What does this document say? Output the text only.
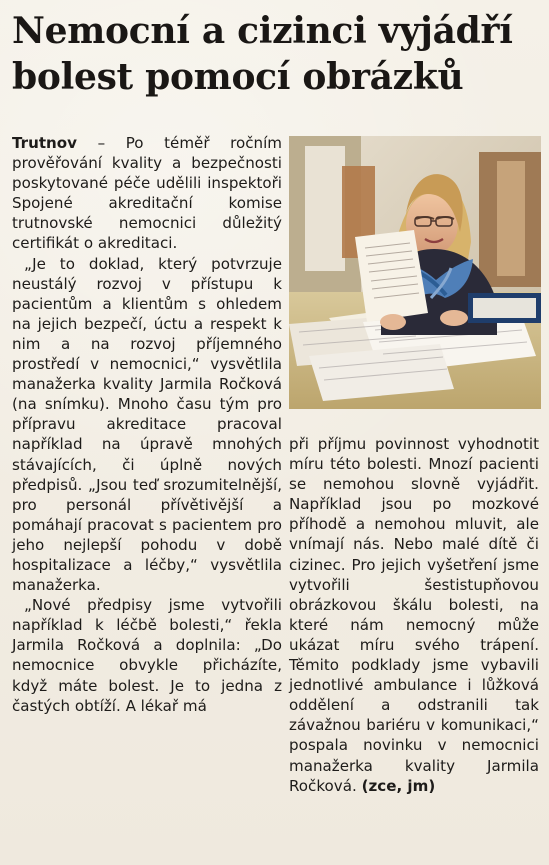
Nemocní a cizinci vyjádří bolest pomocí obrázků

Trutnov – Po téměř ročním prověřování kvality a bezpečnosti poskytované péče udělili inspektoři Spojené akreditační komise trutnovské nemocnici důležitý certifikát o akreditaci.

„Je to doklad, který potvrzuje neustálý rozvoj v přístupu k pacientům a klientům s ohledem na jejich bezpečí, úctu a respekt k nim a na rozvoj příjemného prostředí v nemocnici,“ vysvětlila manažerka kvality Jarmila Ročková (na snímku). Mnoho času tým pro přípravu akreditace pracoval například na úpravě mnohých stávajících, či úplně nových předpisů. „Jsou teď srozumitelnější, pro personál přívětivější a pomáhají pracovat s pacientem pro jeho nejlepší pohodu v době hospitalizace a léčby,“ vysvětlila manažerka.

„Nové předpisy jsme vytvořili například k léčbě bolesti,“ řekla Jarmila Ročková a doplnila: „Do nemocnice obvykle přicházíte, když máte bolest. Je to jedna z častých obtíží. A lékař má

při příjmu povinnost vyhodnotit míru této bolesti. Mnozí pacienti se nemohou slovně vyjádřit. Například jsou po mozkové příhodě a nemohou mluvit, ale vnímají nás. Nebo malé dítě či cizinec. Pro jejich vyšetření jsme vytvořili šestistupňovou obrázkovou škálu bolesti, na které nám nemocný může ukázat míru svého trápení. Těmito podklady jsme vybavili jednotlivé ambulance i lůžková oddělení a odstranili tak závažnou bariéru v komunikaci,“ pospala novinku v nemocnici manažerka kvality Jarmila Ročková. (zce, jm)
